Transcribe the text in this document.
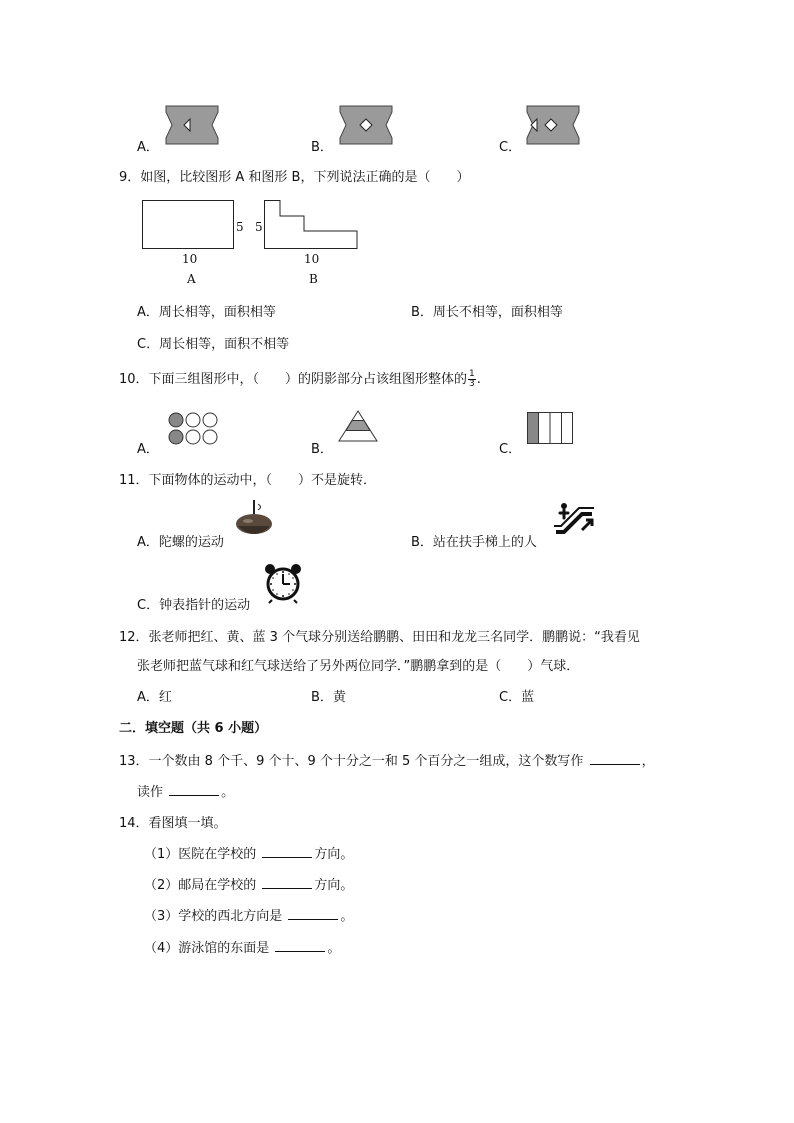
A．	B．	C．
9．如图，比较图形 A 和图形 B，下列说法正确的是（　　）
5
10
A
5
10
B
A．周长相等，面积相等	B．周长不相等，面积相等
C．周长相等，面积不相等
10．下面三组图形中，（　　）的阴影部分占该组图形整体的 $\frac{1}{3}$ .
A．	B．	C．
11．下面物体的运动中，（　　）不是旋转．
A．陀螺的运动	B．站在扶手梯上的人
C．钟表指针的运动
12．张老师把红、黄、蓝 3 个气球分别送给鹏鹏、田田和龙龙三名同学．鹏鹏说：“我看见
张老师把蓝气球和红气球送给了另外两位同学．”鹏鹏拿到的是（　　）气球．
A．红	B．黄	C．蓝
二．填空题（共 6 小题）
13．一个数由 8 个千、9 个十、9 个十分之一和 5 个百分之一组成，这个数写作	，
读作	。
14．看图填一填。
（1）医院在学校的	方向。
（2）邮局在学校的	方向。
（3）学校的西北方向是	。
（4）游泳馆的东面是	。
